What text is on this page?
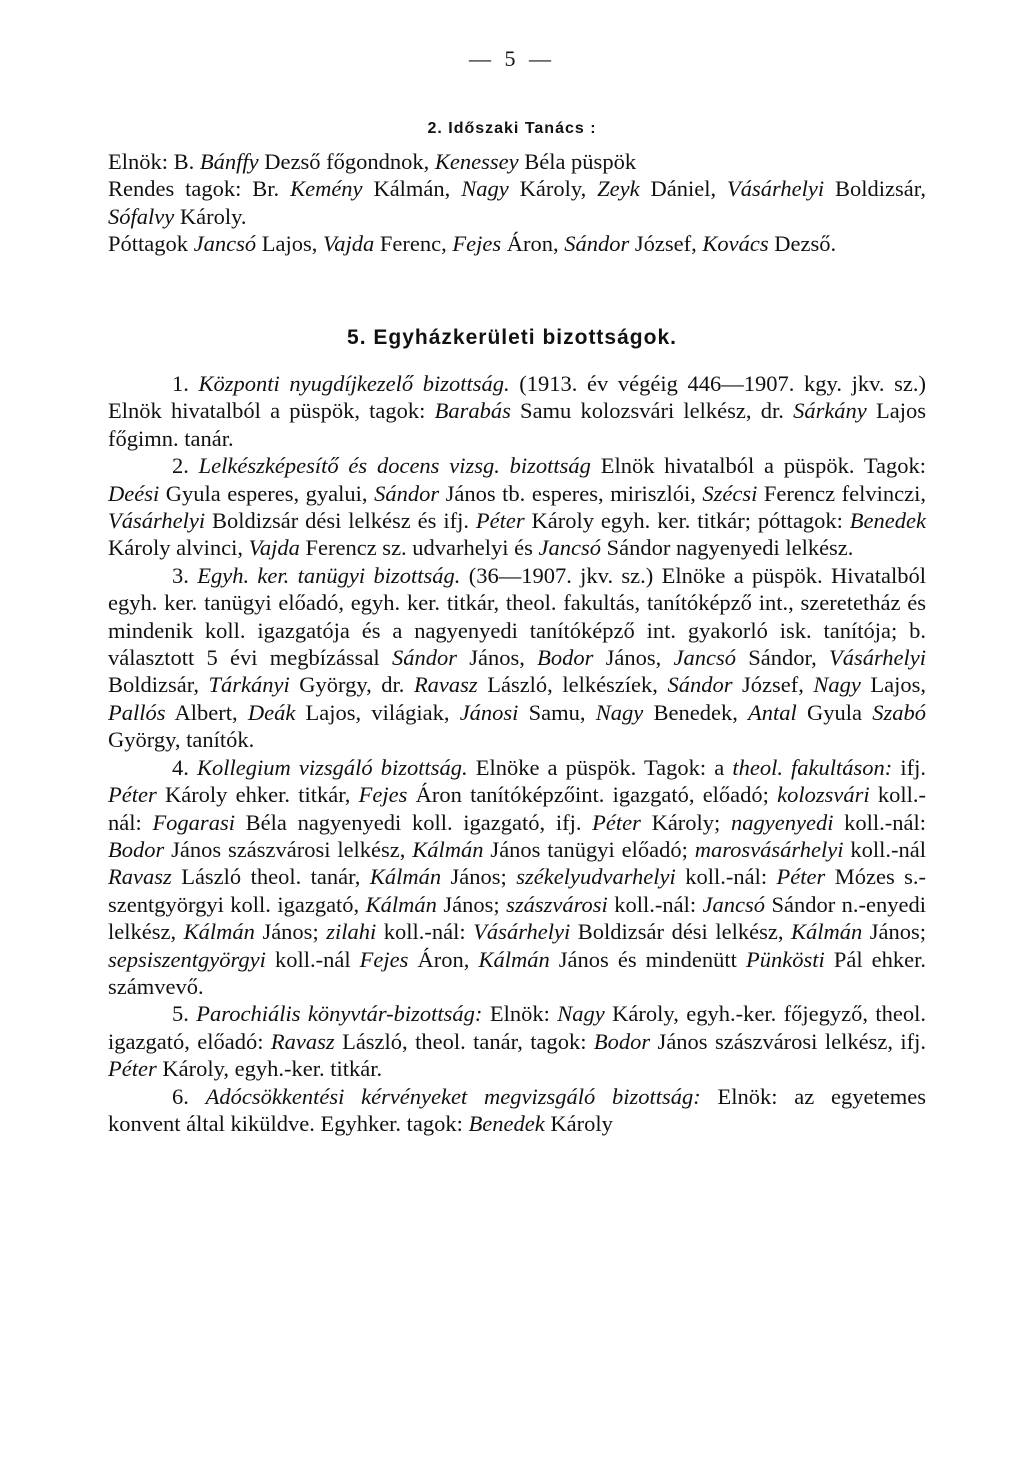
— 5 —
2. Időszaki Tanács :

Elnök: B. Bánffy Dezső főgondnok, Kenessey Béla püspök

Rendes tagok: Br. Kemény Kálmán, Nagy Károly, Zeyk Dániel, Vásárhelyi Boldizsár, Sófalvy Károly.

Póttagok Jancsó Lajos, Vajda Ferenc, Fejes Áron, Sándor József, Kovács Dezső.

5. Egyházkerületi bizottságok.

1. Központi nyugdíjkezelő bizottság. (1913. év végéig 446—1907. kgy. jkv. sz.) Elnök hivatalból a püspök, tagok: Barabás Samu kolozsvári lelkész, dr. Sárkány Lajos főgimn. tanár.

2. Lelkészképesítő és docens vizsg. bizottság Elnök hivatalból a püspök. Tagok: Deési Gyula esperes, gyalui, Sándor János tb. esperes, miriszlói, Szécsi Ferencz felvinczi, Vásárhelyi Boldizsár dési lelkész és ifj. Péter Károly egyh. ker. titkár; póttagok: Benedek Károly alvinci, Vajda Ferencz sz. udvarhelyi és Jancsó Sándor nagyenyedi lelkész.

3. Egyh. ker. tanügyi bizottság. (36—1907. jkv. sz.) Elnöke a püspök. Hivatalból egyh. ker. tanügyi előadó, egyh. ker. titkár, theol. fakultás, tanítóképző int., szeretetház és mindenik koll. igazgatója és a nagyenyedi tanítóképző int. gyakorló isk. tanítója; b. választott 5 évi megbízással Sándor János, Bodor János, Jancsó Sándor, Vásárhelyi Boldizsár, Tárkányi György, dr. Ravasz László, lelkészíek, Sándor József, Nagy Lajos, Pallós Albert, Deák Lajos, világiak, Jánosi Samu, Nagy Benedek, Antal Gyula Szabó György, tanítók.

4. Kollegium vizsgáló bizottság. Elnöke a püspök. Tagok: a theol. fakultáson: ifj. Péter Károly ehker. titkár, Fejes Áron tanítóképzőint. igazgató, előadó; kolozsvári koll.-nál: Fogarasi Béla nagyenyedi koll. igazgató, ifj. Péter Károly; nagyenyedi koll.-nál: Bodor János szászvárosi lelkész, Kálmán János tanügyi előadó; marosvásárhelyi koll.-nál Ravasz László theol. tanár, Kálmán János; székelyudvarhelyi koll.-nál: Péter Mózes s.-szentgyörgyi koll. igazgató, Kálmán János; szászvárosi koll.-nál: Jancsó Sándor n.-enyedi lelkész, Kálmán János; zilahi koll.-nál: Vásárhelyi Boldizsár dési lelkész, Kálmán János; sepsiszentgyörgyi koll.-nál Fejes Áron, Kálmán János és mindenütt Pünkösti Pál ehker. számvevő.

5. Parochiális könyvtár-bizottság: Elnök: Nagy Károly, egyh.-ker. főjegyző, theol. igazgató, előadó: Ravasz László, theol. tanár, tagok: Bodor János szászvárosi lelkész, ifj. Péter Károly, egyh.-ker. titkár.

6. Adócsökkentési kérvényeket megvizsgáló bizottság: Elnök: az egyetemes konvent által kiküldve. Egyhker. tagok: Benedek Károly
